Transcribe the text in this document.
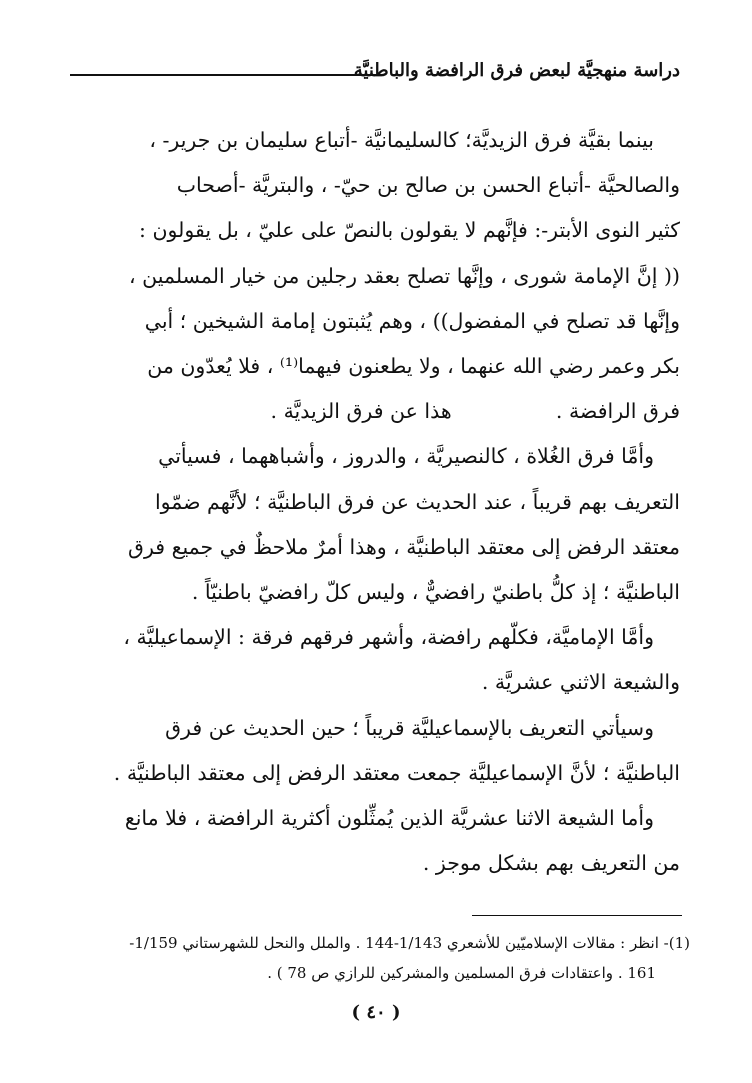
دراسة منهجيَّة لبعض فرق الرافضة والباطنيَّة
بينما بقيَّة فرق الزيديَّة؛ كالسليمانيَّة -أتباع سليمان بن جرير- ،
والصالحيَّة -أتباع الحسن بن صالح بن حيّ- ، والبتريَّة -أصحاب
كثير النوى الأبتر-: فإنَّهم لا يقولون بالنصّ على عليّ ، بل يقولون :
(( إنَّ الإمامة شورى ، وإنَّها تصلح بعقد رجلين من خيار المسلمين ،
وإنَّها قد تصلح في المفضول)) ، وهم يُثبتون إمامة الشيخين ؛ أبي
بكر وعمر رضي الله عنهما ، ولا يطعنون فيهما⁽¹⁾ ، فلا يُعدّون من
فرق الرافضة .                هذا عن فرق الزيديَّة .
وأمَّا فرق الغُلاة ، كالنصيريَّة ، والدروز ، وأشباههما ، فسيأتي
التعريف بهم قريباً ، عند الحديث عن فرق الباطنيَّة ؛ لأنَّهم ضمّوا
معتقد الرفض إلى معتقد الباطنيَّة ، وهذا أمرٌ ملاحظٌ في جميع فرق
الباطنيَّة ؛ إذ كلُّ باطنيّ رافضيٌّ ، وليس كلّ رافضيّ باطنيّاً .
وأمَّا الإماميَّة، فكلّهم رافضة، وأشهر فرقهم فرقة : الإسماعيليَّة ،
والشيعة الاثني عشريَّة .
وسيأتي التعريف بالإسماعيليَّة قريباً ؛ حين الحديث عن فرق
الباطنيَّة ؛ لأنَّ الإسماعيليَّة جمعت معتقد الرفض إلى معتقد الباطنيَّة .
وأما الشيعة الاثنا عشريَّة الذين يُمثِّلون أكثرية الرافضة ، فلا مانع
من التعريف بهم بشكل موجز .
(1)- انظر : مقالات الإسلاميّين للأشعري 1/143-144 . والملل والنحل للشهرستاني 1/159-
161 . واعتقادات فرق المسلمين والمشركين للرازي ص 78 ) .
( ٤٠ )
